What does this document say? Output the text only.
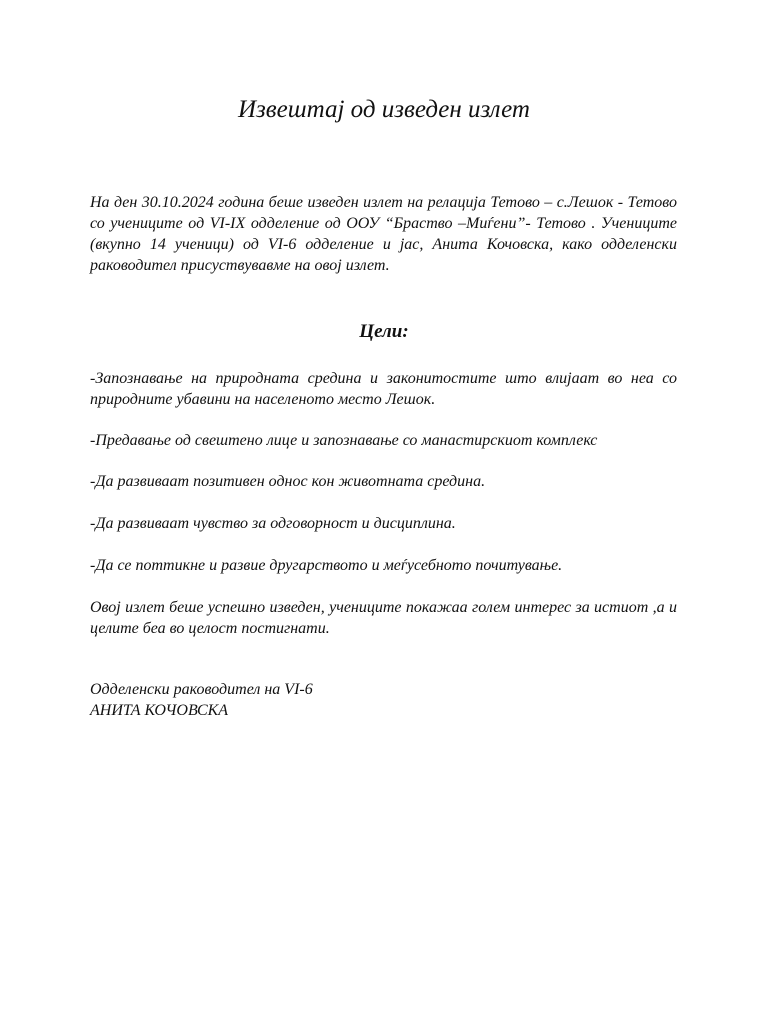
Извештај од изведен излет
На ден 30.10.2024 година беше изведен излет на релација Тетово – с.Лешок - Тетово со учениците од VI-IX одделение од ООУ “Браство –Миѓени”- Тетово . Учениците (вкупно 14 ученици) од VI-6 одделение и јас, Анита Кочовска, како одделенски раководител присуствувавме на овој излет.
Цели:
-Запознавање на природната средина и законитостите што влијаат во неа со природните убавини на населеното место Лешок.
-Предавање од свештено лице и запознавање со манастирскиот комплекс
-Да развиваат позитивен однос кон животната средина.
-Да развиваат чувство за одговорност и дисциплина.
-Да се поттикне и развие другарството и меѓусебното почитување.
Овој излет беше успешно изведен, учениците покажаа голем интерес за истиот ,а и целите беа во целост постигнати.
Одделенски раководител на VI-6
АНИТА КОЧОВСКА
